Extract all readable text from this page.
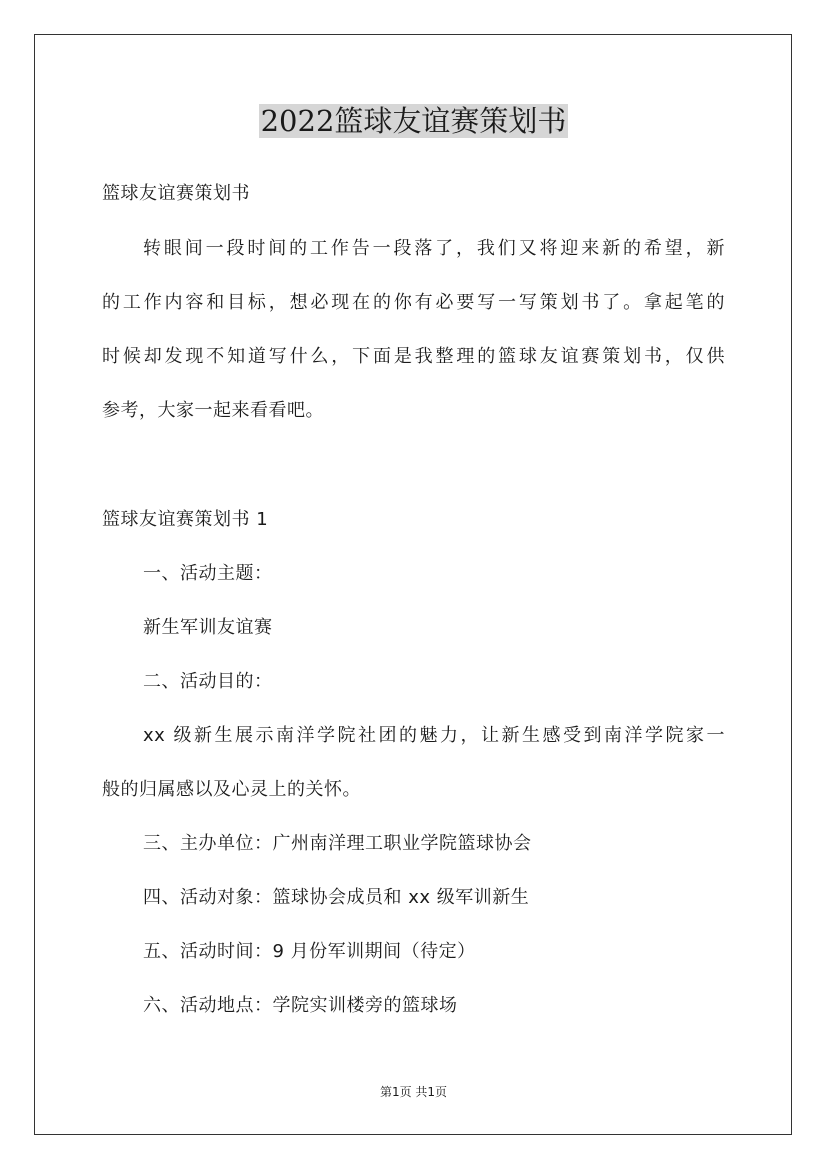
2022篮球友谊赛策划书
篮球友谊赛策划书
转眼间一段时间的工作告一段落了，我们又将迎来新的希望，新
的工作内容和目标，想必现在的你有必要写一写策划书了。拿起笔的
时候却发现不知道写什么，下面是我整理的篮球友谊赛策划书，仅供
参考，大家一起来看看吧。
篮球友谊赛策划书 1
一、活动主题：
新生军训友谊赛
二、活动目的：
xx 级新生展示南洋学院社团的魅力，让新生感受到南洋学院家一
般的归属感以及心灵上的关怀。
三、主办单位：广州南洋理工职业学院篮球协会
四、活动对象：篮球协会成员和 xx 级军训新生
五、活动时间：9 月份军训期间（待定）
六、活动地点：学院实训楼旁的篮球场
第1页 共1页
